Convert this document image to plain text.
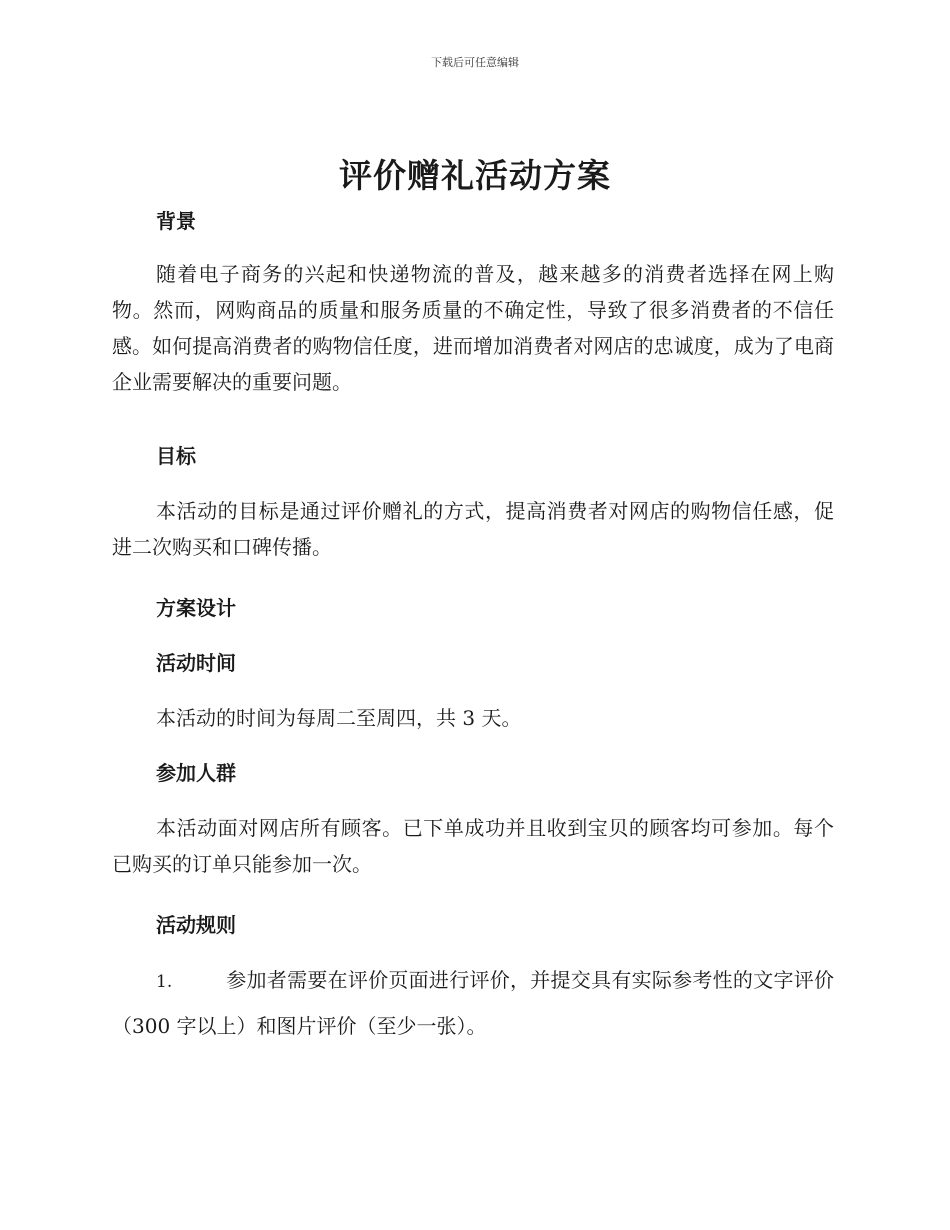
下载后可任意编辑
评价赠礼活动方案
背景

随着电子商务的兴起和快递物流的普及，越来越多的消费者选择在网上购物。然而，网购商品的质量和服务质量的不确定性，导致了很多消费者的不信任感。如何提高消费者的购物信任度，进而增加消费者对网店的忠诚度，成为了电商企业需要解决的重要问题。

目标

本活动的目标是通过评价赠礼的方式，提高消费者对网店的购物信任感，促进二次购买和口碑传播。

方案设计
活动时间

本活动的时间为每周二至周四，共 3 天。

参加人群

本活动面对网店所有顾客。已下单成功并且收到宝贝的顾客均可参加。每个已购买的订单只能参加一次。

活动规则

1.	参加者需要在评价页面进行评价，并提交具有实际参考性的文字评价（300 字以上）和图片评价（至少一张）。
